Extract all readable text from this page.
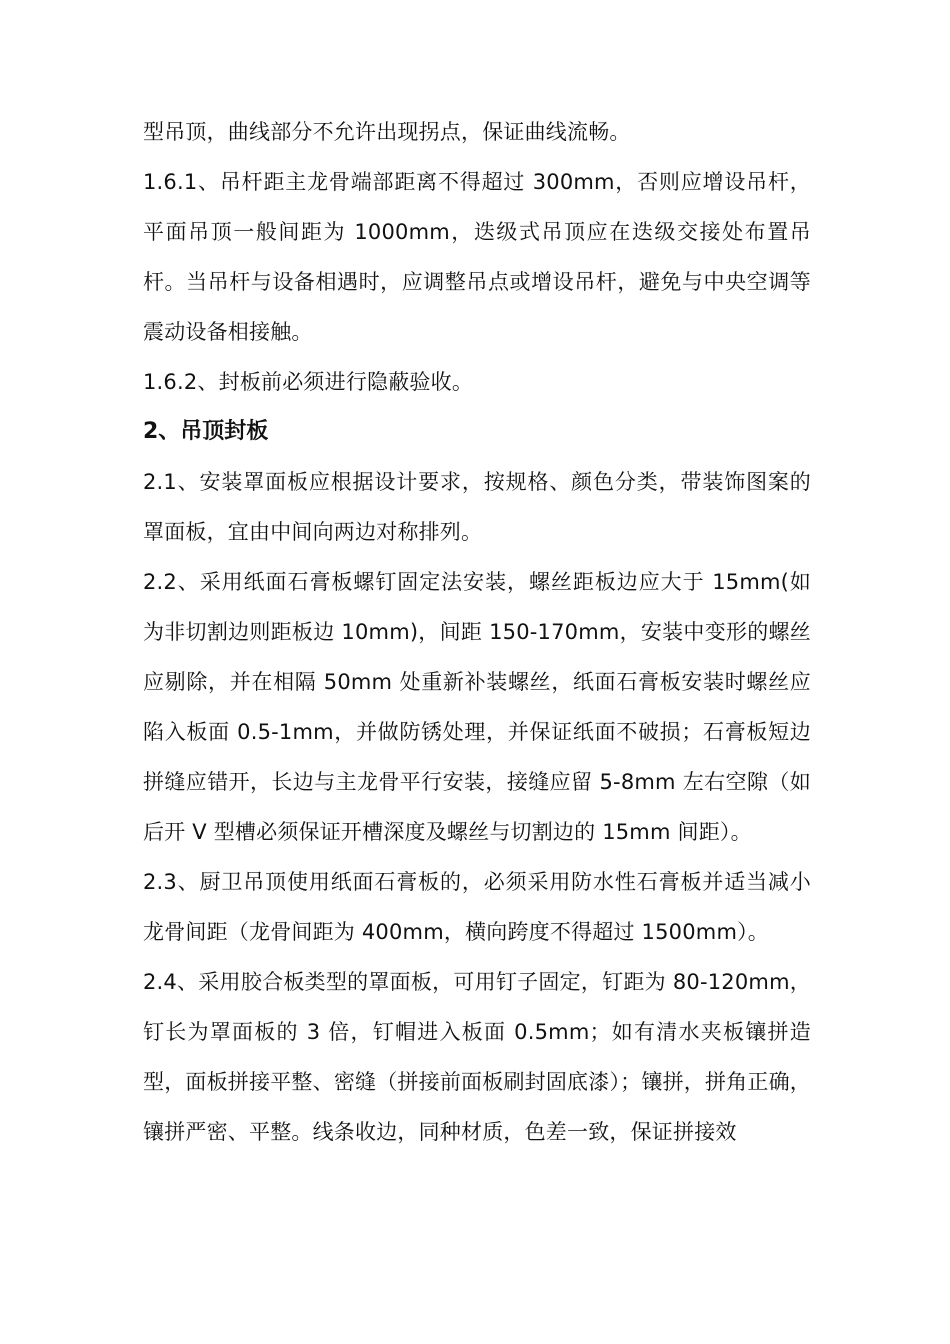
型吊顶，曲线部分不允许出现拐点，保证曲线流畅。

1.6.1、吊杆距主龙骨端部距离不得超过 300mm，否则应增设吊杆，平面吊顶一般间距为 1000mm，迭级式吊顶应在迭级交接处布置吊杆。当吊杆与设备相遇时，应调整吊点或增设吊杆，避免与中央空调等震动设备相接触。

1.6.2、封板前必须进行隐蔽验收。

2、吊顶封板

2.1、安装罩面板应根据设计要求，按规格、颜色分类，带装饰图案的罩面板，宜由中间向两边对称排列。

2.2、采用纸面石膏板螺钉固定法安装，螺丝距板边应大于 15mm(如为非切割边则距板边 10mm)，间距 150-170mm，安装中变形的螺丝应剔除，并在相隔 50mm 处重新补装螺丝，纸面石膏板安装时螺丝应陷入板面 0.5-1mm，并做防锈处理，并保证纸面不破损；石膏板短边拼缝应错开，长边与主龙骨平行安装，接缝应留 5-8mm 左右空隙（如后开 V 型槽必须保证开槽深度及螺丝与切割边的 15mm 间距）。

2.3、厨卫吊顶使用纸面石膏板的，必须采用防水性石膏板并适当减小龙骨间距（龙骨间距为 400mm，横向跨度不得超过 1500mm）。

2.4、采用胶合板类型的罩面板，可用钉子固定，钉距为 80-120mm，钉长为罩面板的 3 倍，钉帽进入板面 0.5mm；如有清水夹板镶拼造型，面板拼接平整、密缝（拼接前面板刷封固底漆）；镶拼，拼角正确，镶拼严密、平整。线条收边，同种材质，色差一致，保证拼接效
